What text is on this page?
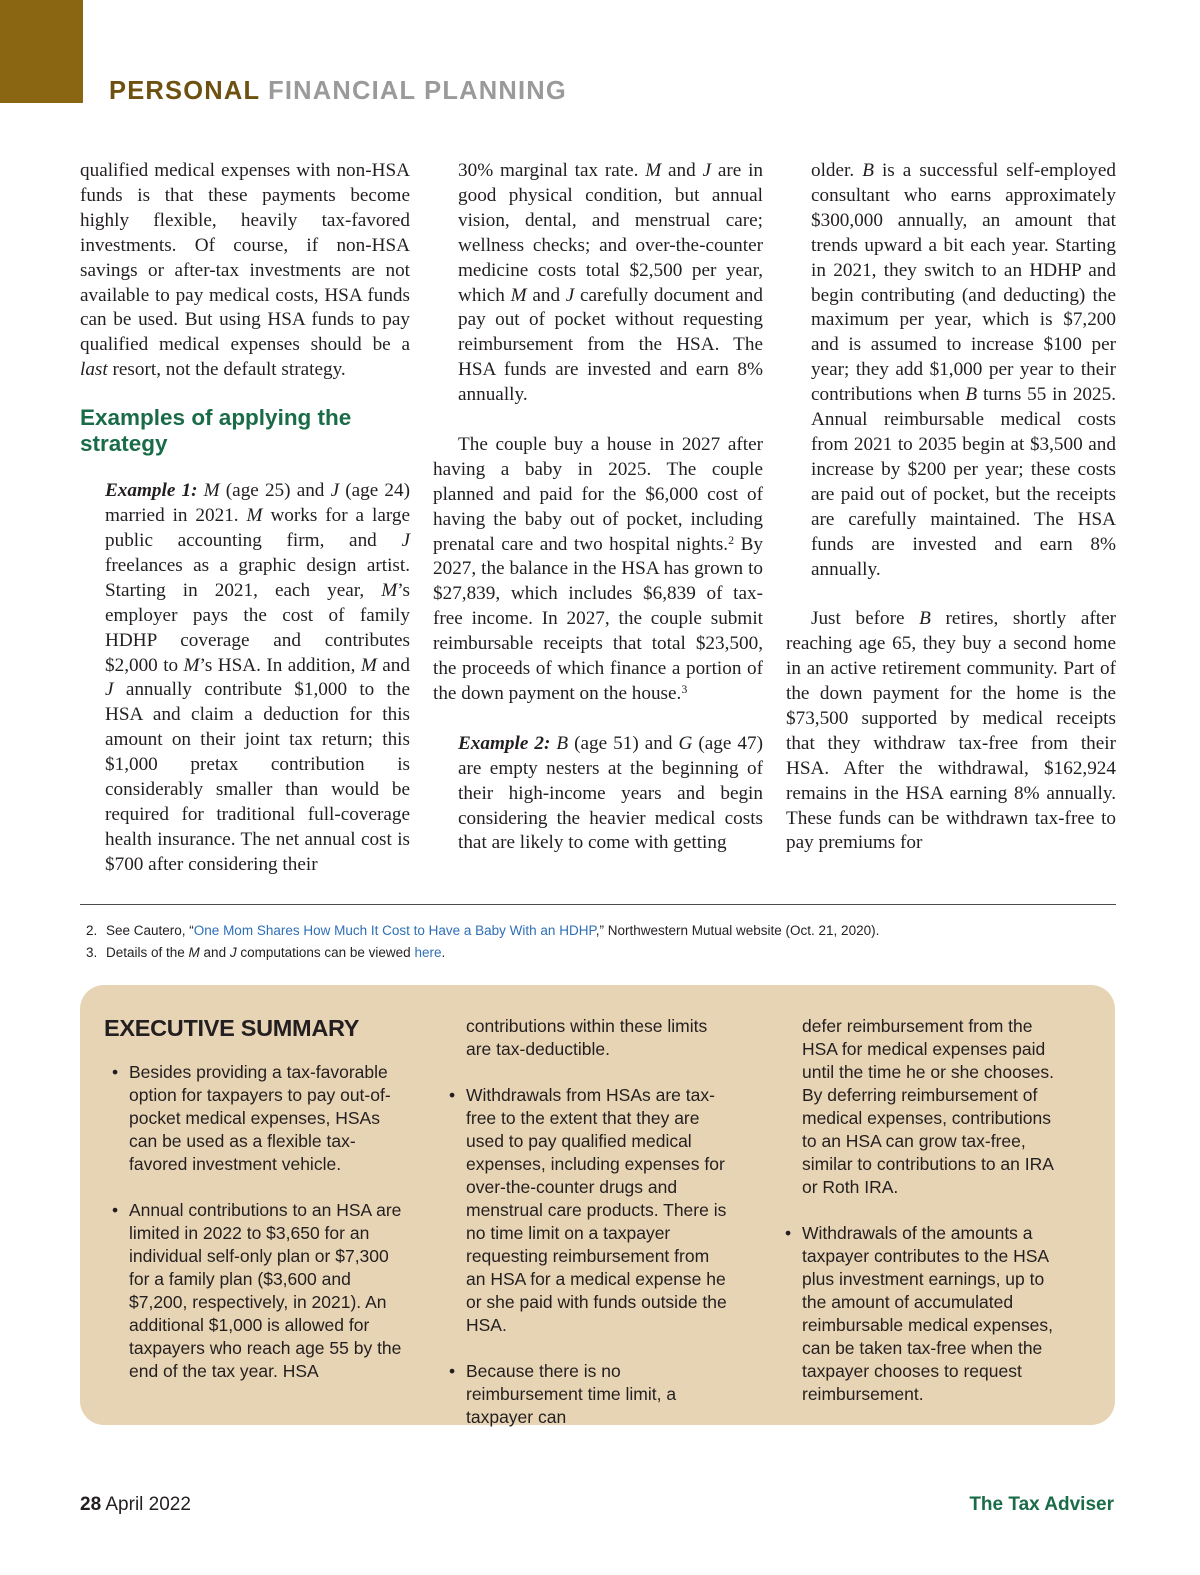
PERSONAL FINANCIAL PLANNING

qualified medical expenses with non-HSA funds is that these payments become highly flexible, heavily tax-favored investments. Of course, if non-HSA savings or after-tax investments are not available to pay medical costs, HSA funds can be used. But using HSA funds to pay qualified medical expenses should be a last resort, not the default strategy.

Examples of applying the strategy

Example 1: M (age 25) and J (age 24) married in 2021. M works for a large public accounting firm, and J freelances as a graphic design artist. Starting in 2021, each year, M’s employer pays the cost of family HDHP coverage and contributes $2,000 to M’s HSA. In addition, M and J annually contribute $1,000 to the HSA and claim a deduction for this amount on their joint tax return; this $1,000 pretax contribution is considerably smaller than would be required for traditional full-coverage health insurance. The net annual cost is $700 after considering their

30% marginal tax rate. M and J are in good physical condition, but annual vision, dental, and menstrual care; wellness checks; and over-the-counter medicine costs total $2,500 per year, which M and J carefully document and pay out of pocket without requesting reimbursement from the HSA. The HSA funds are invested and earn 8% annually.

The couple buy a house in 2027 after having a baby in 2025. The couple planned and paid for the $6,000 cost of having the baby out of pocket, including prenatal care and two hospital nights.$^2$ By 2027, the balance in the HSA has grown to $27,839, which includes $6,839 of tax-free income. In 2027, the couple submit reimbursable receipts that total $23,500, the proceeds of which finance a portion of the down payment on the house.$^3$

Example 2: B (age 51) and G (age 47) are empty nesters at the beginning of their high-income years and begin considering the heavier medical costs that are likely to come with getting

older. B is a successful self-employed consultant who earns approximately $300,000 annually, an amount that trends upward a bit each year. Starting in 2021, they switch to an HDHP and begin contributing (and deducting) the maximum per year, which is $7,200 and is assumed to increase $100 per year; they add $1,000 per year to their contributions when B turns 55 in 2025. Annual reimbursable medical costs from 2021 to 2035 begin at $3,500 and increase by $200 per year; these costs are paid out of pocket, but the receipts are carefully maintained. The HSA funds are invested and earn 8% annually.

Just before B retires, shortly after reaching age 65, they buy a second home in an active retirement community. Part of the down payment for the home is the $73,500 supported by medical receipts that they withdraw tax-free from their HSA. After the withdrawal, $162,924 remains in the HSA earning 8% annually. These funds can be withdrawn tax-free to pay premiums for

2. See Cautero, “One Mom Shares How Much It Cost to Have a Baby With an HDHP,” Northwestern Mutual website (Oct. 21, 2020).
3. Details of the M and J computations can be viewed here.
EXECUTIVE SUMMARY
• Besides providing a tax-favorable option for taxpayers to pay out-of-pocket medical expenses, HSAs can be used as a flexible tax-favored investment vehicle.
• Annual contributions to an HSA are limited in 2022 to $3,650 for an individual self-only plan or $7,300 for a family plan ($3,600 and $7,200, respectively, in 2021). An additional $1,000 is allowed for taxpayers who reach age 55 by the end of the tax year. HSA
contributions within these limits are tax-deductible.
• Withdrawals from HSAs are tax-free to the extent that they are used to pay qualified medical expenses, including expenses for over-the-counter drugs and menstrual care products. There is no time limit on a taxpayer requesting reimbursement from an HSA for a medical expense he or she paid with funds outside the HSA.
• Because there is no reimbursement time limit, a taxpayer can
defer reimbursement from the HSA for medical expenses paid until the time he or she chooses. By deferring reimbursement of medical expenses, contributions to an HSA can grow tax-free, similar to contributions to an IRA or Roth IRA.
• Withdrawals of the amounts a taxpayer contributes to the HSA plus investment earnings, up to the amount of accumulated reimbursable medical expenses, can be taken tax-free when the taxpayer chooses to request reimbursement.
28 April 2022	The Tax Adviser
